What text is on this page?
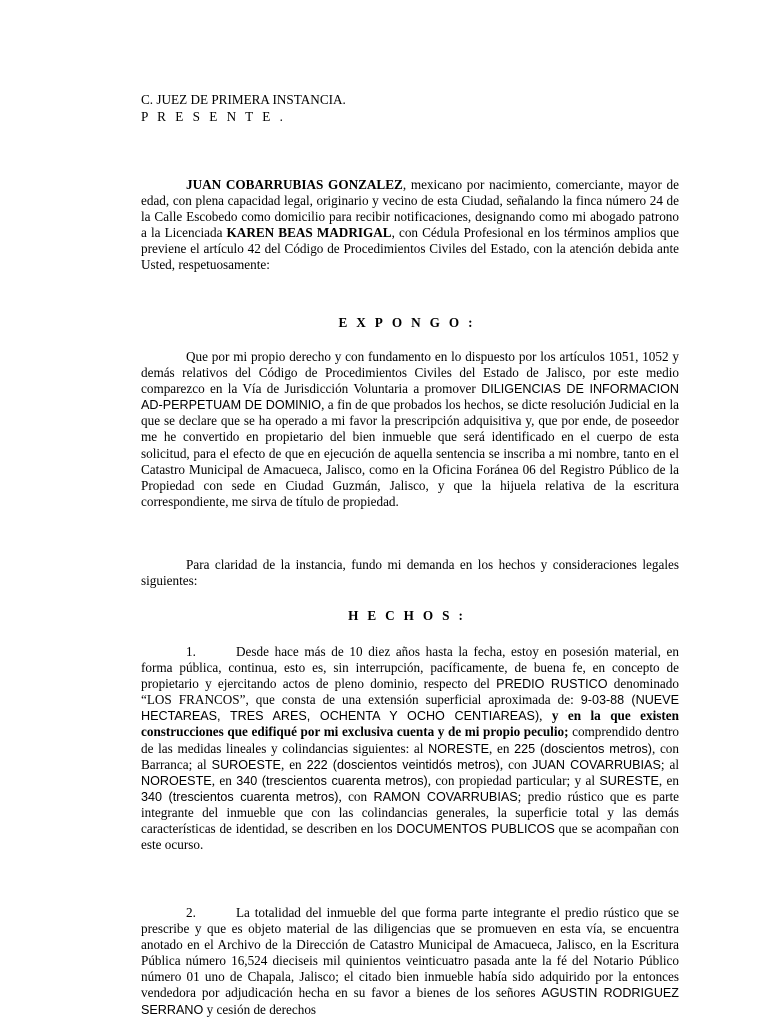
C. JUEZ DE PRIMERA INSTANCIA.
P R E S E N T E .

JUAN COBARRUBIAS GONZALEZ, mexicano por nacimiento, comerciante, mayor de edad, con plena capacidad legal, originario y vecino de esta Ciudad, señalando la finca número 24 de la Calle Escobedo como domicilio para recibir notificaciones, designando como mi abogado patrono a la Licenciada KAREN BEAS MADRIGAL, con Cédula Profesional en los términos amplios que previene el artículo 42 del Código de Procedimientos Civiles del Estado, con la atención debida ante Usted, respetuosamente:

EXPONGO:

Que por mi propio derecho y con fundamento en lo dispuesto por los artículos 1051, 1052 y demás relativos del Código de Procedimientos Civiles del Estado de Jalisco, por este medio comparezco en la Vía de Jurisdicción Voluntaria a promover DILIGENCIAS DE INFORMACION AD-PERPETUAM DE DOMINIO, a fin de que probados los hechos, se dicte resolución Judicial en la que se declare que se ha operado a mi favor la prescripción adquisitiva y, que por ende, de poseedor me he convertido en propietario del bien inmueble que será identificado en el cuerpo de esta solicitud, para el efecto de que en ejecución de aquella sentencia se inscriba a mi nombre, tanto en el Catastro Municipal de Amacueca, Jalisco, como en la Oficina Foránea 06 del Registro Público de la Propiedad con sede en Ciudad Guzmán, Jalisco, y que la hijuela relativa de la escritura correspondiente, me sirva de título de propiedad.

Para claridad de la instancia, fundo mi demanda en los hechos y consideraciones legales siguientes:

HECHOS:

1.	Desde hace más de 10 diez años hasta la fecha, estoy en posesión material, en forma pública, continua, esto es, sin interrupción, pacíficamente, de buena fe, en concepto de propietario y ejercitando actos de pleno dominio, respecto del PREDIO RUSTICO denominado “LOS FRANCOS”, que consta de una extensión superficial aproximada de: 9-03-88 (NUEVE HECTAREAS, TRES ARES, OCHENTA Y OCHO CENTIAREAS), y en la que existen construcciones que edifiqué por mi exclusiva cuenta y de mi propio peculio; comprendido dentro de las medidas lineales y colindancias siguientes: al NORESTE, en 225 (doscientos metros), con Barranca; al SUROESTE, en 222 (doscientos veintidós metros), con JUAN COVARRUBIAS; al NOROESTE, en 340 (trescientos cuarenta metros), con propiedad particular; y al SURESTE, en 340 (trescientos cuarenta metros), con RAMON COVARRUBIAS; predio rústico que es parte integrante del inmueble que con las colindancias generales, la superficie total y las demás características de identidad, se describen en los DOCUMENTOS PUBLICOS que se acompañan con este ocurso.

2.	La totalidad del inmueble del que forma parte integrante el predio rústico que se prescribe y que es objeto material de las diligencias que se promueven en esta vía, se encuentra anotado en el Archivo de la Dirección de Catastro Municipal de Amacueca, Jalisco, en la Escritura Pública número 16,524 dieciseis mil quinientos veinticuatro pasada ante la fé del Notario Público número 01 uno de Chapala, Jalisco; el citado bien inmueble había sido adquirido por la entonces vendedora por adjudicación hecha en su favor a bienes de los señores AGUSTIN RODRIGUEZ SERRANO y cesión de derechos
